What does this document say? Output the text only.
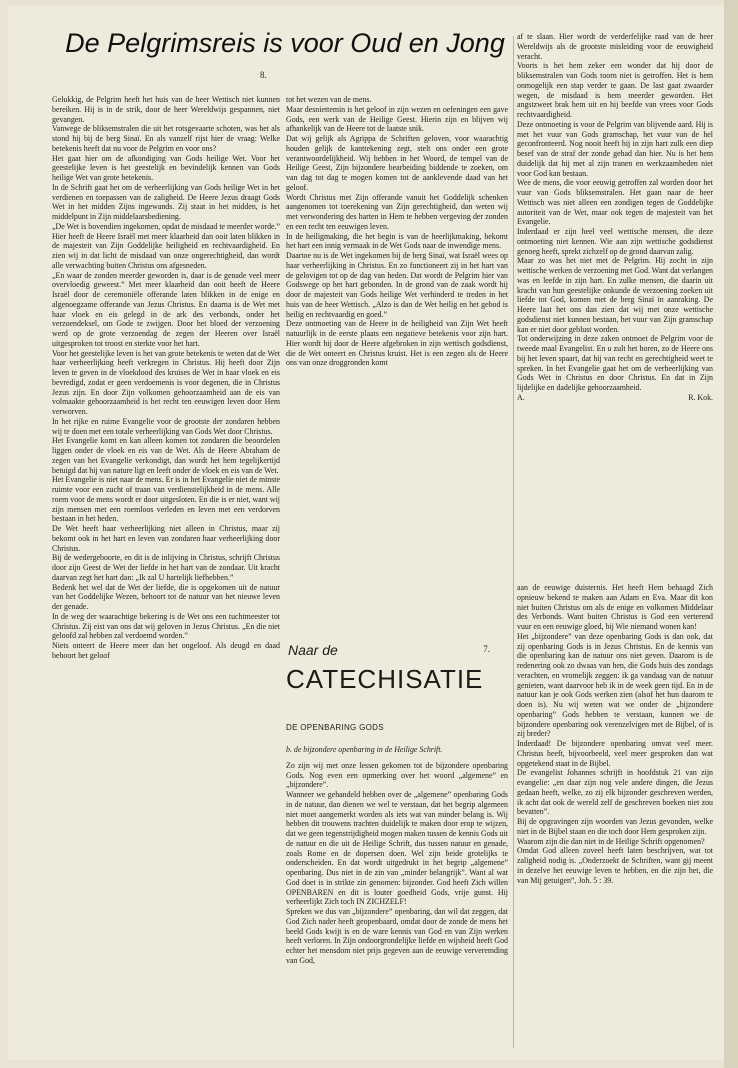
De Pelgrimsreis is voor Oud en Jong
8.

Gelukkig, de Pelgrim heeft het huis van de heer Wettisch niet kunnen bereiken. Hij is in de strik, door de heer Wereldwijs gespannen, niet gevangen.

Vanwege de bliksemstralen die uit het rotsgevaarte schoten, was het als stond hij bij de berg Sinaï. En als vanzelf rijst hier de vraag: Welke betekenis heeft dat nu voor de Pelgrim en voor ons?

Het gaat hier om de afkondiging van Gods heilige Wet. Voor het geestelijke leven is het geestelijk en bevindelijk kennen van Gods heilige Wet van grote betekenis.

In de Schrift gaat het om de verheerlijking van Gods heilige Wet in het verdienen en toepassen van de zaligheid. De Heere Jezus draagt Gods Wet in het midden Zijns ingewands. Zij staat in het midden, is het middelpunt in Zijn middelaarsbediening.

„De Wet is bovendien ingekomen, opdat de misdaad te meerder worde.” Hier heeft de Heere Israël met meer klaarheid dan ooit laten blikken in de majesteit van Zijn Goddelijke heiligheid en rechtvaardigheid. En zien wij in dat licht de misdaad van onze ongerechtigheid, dan wordt alle verwachting buiten Christus ons afgesneden.

„En waar de zonden meerder geworden is, daar is de genade veel meer overvloedig geweest.” Met meer klaarheid dan ooit heeft de Heere Israël door de ceremoniële offerande laten blikken in de enige en algenoegzame offerande van Jezus Christus. En daarna is de Wet met haar vloek en eis gelegd in de ark des verbonds, onder het verzoendeksel, om Gode te zwijgen. Door het bloed der verzoening werd op de grote verzoendag de zegen der Heeren over Israël uitgesproken tot troost en sterkte voor het hart.

Voor het geestelijke leven is het van grote betekenis te weten dat de Wet haar verheerlijking heeft verkregen in Christus. Hij heeft door Zijn leven te geven in de vloekdood des kruises de Wet in haar vloek en eis bevredigd, zodat er geen verdoemenis is voor degenen, die in Christus Jezus zijn. En door Zijn volkomen gehoorzaamheid aan de eis van volmaakte gehoorzaamheid is het recht ten eeuwigen leven door Hem verworven.

In het rijke en ruime Evangelie voor de grootste der zondaren hebben wij te doen met een totale verheerlijking van Gods Wet door Christus.

Het Evangelie komt en kan alleen komen tot zondaren die beoordelen liggen onder de vloek en eis van de Wet. Als de Heere Abraham de zegen van het Evangelie verkondigt, dan wordt het hem tegelijkertijd betuigd dat hij van nature ligt en leeft onder de vloek en eis van de Wet.

Het Evangelie is niet naar de mens. Er is in het Evangelie niet de minste ruimte voor een zucht of traan van verdienstelijkheid in de mens. Alle roem voor de mens wordt er door uitgesloten. En die is er niet, want wij zijn mensen met een roemloos verleden en leven met een verdorven bestaan in het heden.

De Wet heeft haar verheerlijking niet alleen in Christus, maar zij bekomt ook in het hart en leven van zondaren haar verheerlijking door Christus.

Bij de wedergeboorte, en dit is de inlijving in Christus, schrijft Christus door zijn Geest de Wet der liefde in het hart van de zondaar. Uit kracht daarvan zegt het hart dan: „Ik zal U hartelijk liefhebben.”

Bedenk het wel dat de Wet der liefde, die is opgekomen uit de natuur van het Goddelijke Wezen, behoort tot de natuur van het nieuwe leven der genade.

In de weg der waarachtige bekering is de Wet ons een tuchtmeester tot Christus. Zij eist van ons dat wij geloven in Jezus Christus. „En die niet geloofd zal hebben zal verdoemd worden.”

Niets onteert de Heere meer dan het ongeloof. Als deugd en daad behoort het geloof

tot het wezen van de mens.

Maar desniettemin is het geloof in zijn wezen en oefeningen een gave Gods, een werk van de Heilige Geest. Hierin zijn en blijven wij afhankelijk van de Heere tot de laatste snik.

Dat wij gelijk als Agrippa de Schriften geloven, voor waarachtig houden gelijk de kanttekening zegt, stelt ons onder een grote verantwoordelijkheid. Wij hebben in het Woord, de tempel van de Heilige Geest, Zijn bijzondere bearbeiding biddende te zoeken, om van dag tot dag te mogen komen tot de aanklevende daad van het geloof.

Wordt Christus met Zijn offerande vanuit het Goddelijk schenken aangenomen tot toerekening van Zijn gerechtigheid, dan weten wij met verwondering des harten in Hem te hebben vergeving der zonden en een recht ten eeuwigen leven.

In de heiligmaking, die het begin is van de heerlijkmaking, bekomt het hart een innig vermaak in de Wet Gods naar de inwendige mens.

Daartoe nu is de Wet ingekomen bij de berg Sinaï, wat Israël wees op haar verheerlijking in Christus. En zo functioneert zij in het hart van de gelovigen tot op de dag van heden. Dat wordt de Pelgrim hier van Godswege op het hart gebonden. In de grond van de zaak wordt hij door de majesteit van Gods heilige Wet verhinderd te treden in het huis van de heer Wettisch. „Alzo is dan de Wet heilig en het gebod is heilig en rechtvaardig en goed.”

Deze ontmoeting van de Heere in de heiligheid van Zijn Wet heeft natuurlijk in de eerste plaats een negatieve betekenis voor zijn hart. Hier wordt hij door de Heere afgebroken in zijn wettisch godsdienst, die de Wet onteert en Christus kruist. Het is een zegen als de Heere ons van onze droggronden komt

af te slaan. Hier wordt de verderfelijke raad van de heer Wereldwijs als de grootste misleiding voor de eeuwigheid veracht.

Voorts is het hem zeker een wonder dat hij door de bliksemstralen van Gods toorn niet is getroffen. Het is hem onmogelijk een stap verder te gaan. De last gaat zwaarder wegen, de misdaad is hem meerder geworden. Het angstzweet brak hem uit en hij beefde van vrees voor Gods rechtvaardigheid.

Deze ontmoeting is voor de Pelgrim van blijvende aard. Hij is met het vuur van Gods gramschap, het vuur van de hel geconfronteerd. Nog nooit heeft hij in zijn hart zulk een diep besef van de straf der zonde gehad dan hier. Nu is het hem duidelijk dat hij met al zijn tranen en werkzaamheden niet voor God kan bestaan.

Wee de mens, die voor eeuwig getroffen zal worden door het vuur van Gods bliksemstralen. Het gaan naar de heer Wettisch was niet alleen een zondigen tegen de Goddelijke autoriteit van de Wet, maar ook tegen de majesteit van het Evangelie.

Inderdaad er zijn heel veel wettische mensen, die deze ontmoeting niet kennen. Wie aan zijn wettische godsdienst genoeg heeft, sprekt zichzelf op de grond daarvan zalig.

Maar zo was het niet met de Pelgrim. Hij zocht in zijn wettische werken de verzoening met God. Want dat verlangen was en leefde in zijn hart. En zulke mensen, die daarin uit kracht van hun geestelijke onkunde de verzoening zoeken uit liefde tot God, komen met de berg Sinaï in aanraking. De Heere laat het ons dan zien dat wij met onze wettische godsdienst niet kunnen bestaan, het vuur van Zijn gramschap kan er niet door geblust worden.

Tot onderwijzing in deze zaken ontmoet de Pelgrim voor de tweede maal Evangelist. En u zult het horen, zo de Heere ons bij het leven spaart, dat hij van recht en gerechtigheid weet te spreken. In het Evangelie gaat het om de verheerlijking van Gods Wet in Christus en door Christus. En dat in Zijn lijdelijke en dadelijke gehoorzaamheid.

A.	R. Kok.
Naar de	7.
CATECHISATIE
DE OPENBARING GODS

b. de bijzondere openbaring in de Heilige Schrift.

Zo zijn wij met onze lessen gekomen tot de bijzondere openbaring Gods. Nog even een opmerking over het woord „algemene” en „bijzondere”.

Wanneer we gehandeld hebben over de „algemene” openbaring Gods in de natuur, dan dienen we wel te verstaan, dat het begrip algemeen niet moet aangemerkt worden als iets wat van minder belang is. Wij hebben dit trouwens trachten duidelijk te maken door erop te wijzen, dat we geen tegenstrijdigheid mogen maken tussen de kennis Gods uit de natuur en die uit de Heilige Schrift, dus tussen natuur en genade, zoals Rome en de dopersen doen. Wel zijn beide grotelijks te onderscheiden. En dat wordt uitgedrukt in het begrip „algemene” openbaring. Dus niet in de zin van „minder belangrijk”. Want al wat God doet is in strikte zin genomen: bijzonder. God heeft Zich willen OPENBAREN en dit is louter goedheid Gods, vrije gunst. Hij verheerlijkt Zich toch IN ZICHZELF!

Spreken we dus van „bijzondere” openbaring, dan wil dat zeggen, dat God Zich nader heeft geopenbaard, omdat door de zonde de mens het beeld Gods kwijt is en de ware kennis van God en van Zijn werken heeft verloren. In Zijn ondoorgrondelijke liefde en wijsheid heeft God echter het mensdom niet prijs gegeven aan de eeuwige ververemding van God,

aan de eeuwige duisternis. Het heeft Hem behaagd Zich opnieuw bekend te maken aan Adam en Eva. Maar dit kon niet buiten Christus om als de enige en volkomen Middelaar des Verbonds. Want buiten Christus is God een verterend vuur en een eeuwige gloed, bij Wie niemand wonen kan!

Het „bijzondere” van deze openbaring Gods is dan ook, dat zij openbaring Gods is in Jezus Christus. En de kennis van die openbaring kan de natuur ons niet geven. Daarom is de redenering ook zo dwaas van hen, die Gods huis des zondags verachten, en vromelijk zeggen: ik ga vandaag van de natuur genieten, want daarvoor heb ik in de week geen tijd. En in de natuur kan je ook Gods werken zien (alsof het hun daarom te doen is). Nu wij weten wat we onder de „bijzondere openbaring” Gods hebben te verstaan, kunnen we de bijzondere openbaring ook verenzelvigen met de Bijbel, of is zij breder?

Inderdaad! De bijzondere openbaring omvat veel meer. Christus heeft, bijvoorbeeld, veel meer gesproken dan wat opgetekend staat in de Bijbel.

De evangelist Johannes schrijft in hoofdstuk 21 van zijn evangelie: „en daar zijn nog vele andere dingen, die Jezus gedaan heeft, welke, zo zij elk bijzonder geschreven werden, ik acht dat ook de wereld zelf de geschreven boeken niet zou bevatten”.

Bij de opgravingen zijn woorden van Jezus gevonden, welke niet in de Bijbel staan en die toch door Hem gesproken zijn.

Waarom zijn die dan niet in de Heilige Schrift opgenomen?

Omdat God alleen zoveel heeft laten beschrijven, wat tot zaligheid nodig is. „Onderzoekt de Schriften, want gij meent in dezelve het eeuwige leven te hebben, en die zijn het, die van Mij getuigen”, Joh. 5 : 39.
